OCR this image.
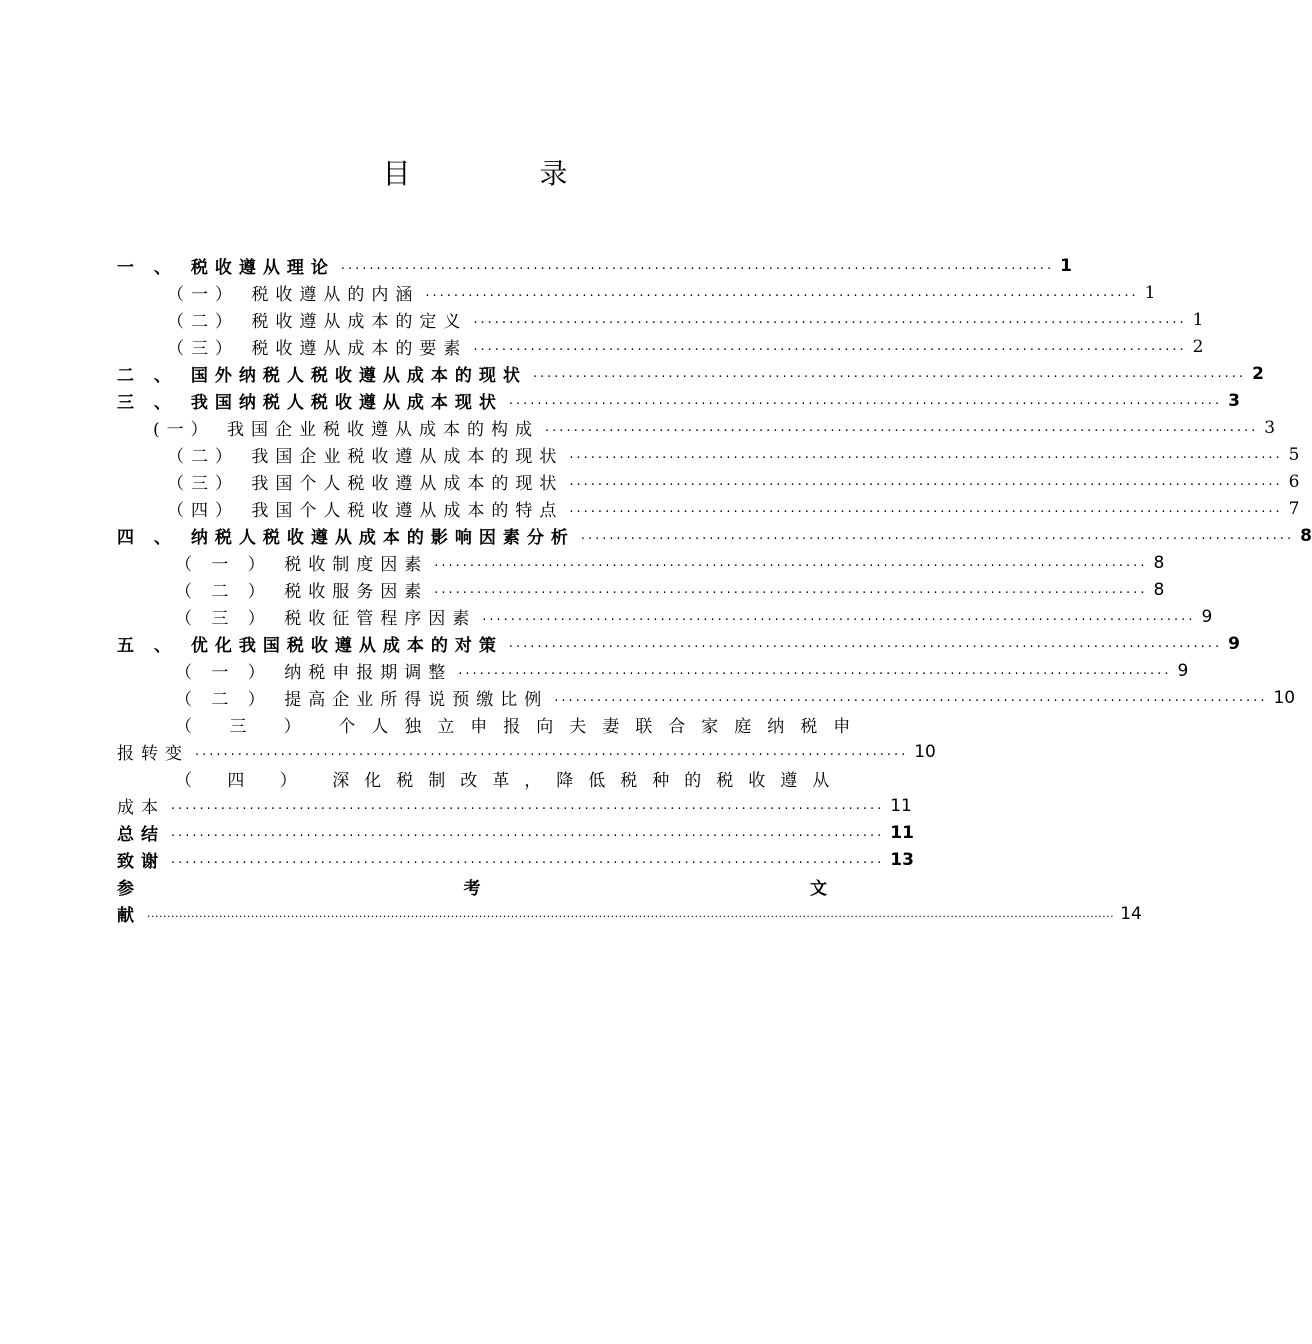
目 录
一 、 税收遵从理论 .................................................................................................... 1
（一） 税收遵从的内涵 .................................................................................................... 1
（二） 税收遵从成本的定义 .................................................................................................... 1
（三） 税收遵从成本的要素 .................................................................................................... 2
二 、 国外纳税人税收遵从成本的现状 .................................................................................................... 2
三 、 我国纳税人税收遵从成本现状 .................................................................................................... 3
(一） 我国企业税收遵从成本的构成 .................................................................................................... 3
（二） 我国企业税收遵从成本的现状 .................................................................................................... 5
（三） 我国个人税收遵从成本的现状 .................................................................................................... 6
（四） 我国个人税收遵从成本的特点 .................................................................................................... 7
四 、 纳税人税收遵从成本的影响因素分析 .................................................................................................... 8
（ 一 ） 税收制度因素 .................................................................................................... 8
（ 二 ） 税收服务因素 .................................................................................................... 8
（ 三 ） 税收征管程序因素 .................................................................................................... 9
五 、 优化我国税收遵从成本的对策 .................................................................................................... 9
（ 一 ） 纳税申报期调整 .................................................................................................... 9
（ 二 ） 提高企业所得说预缴比例 .................................................................................................... 10
（ 三 ） 个人独立申报向夫妻联合家庭纳税申
报转变 .................................................................................................... 10
（ 四 ） 深化税制改革，降低税种的税收遵从
成本 .................................................................................................... 11
总结 .................................................................................................... 11
致谢 .................................................................................................... 13
参	考	文
献 .................................................................................................................................................................................................................................................. 14
